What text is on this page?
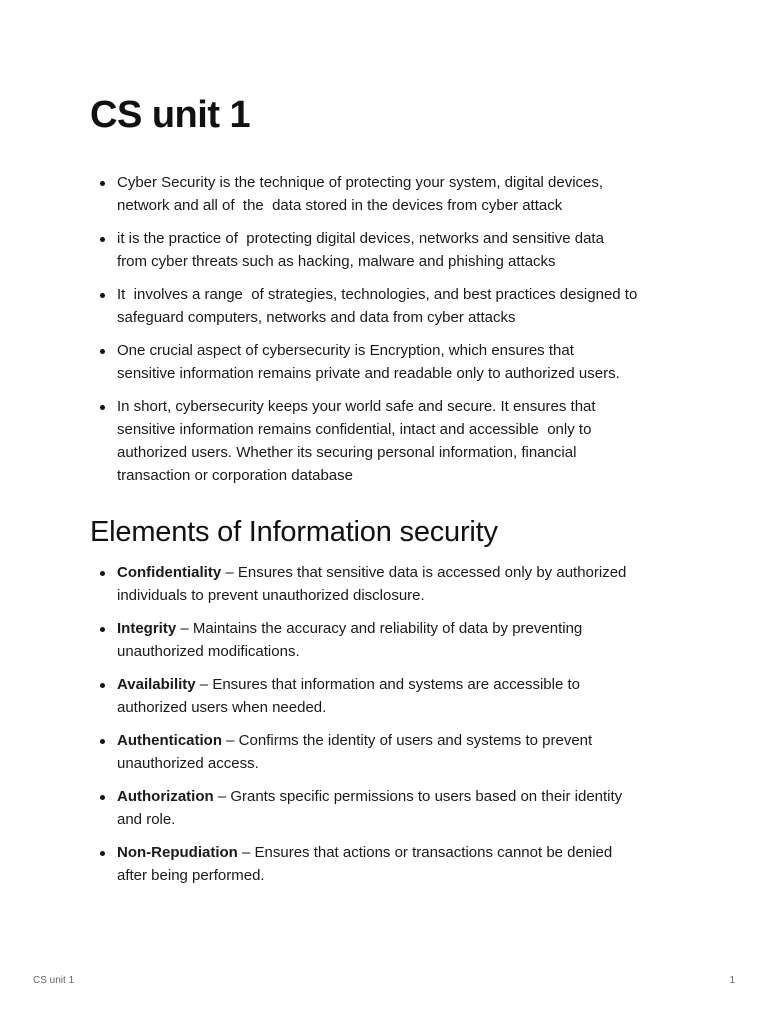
CS unit 1
Cyber Security is the technique of protecting your system, digital devices,
network and all of  the  data stored in the devices from cyber attack
it is the practice of  protecting digital devices, networks and sensitive data
from cyber threats such as hacking, malware and phishing attacks
It  involves a range  of strategies, technologies, and best practices designed to
safeguard computers, networks and data from cyber attacks
One crucial aspect of cybersecurity is Encryption, which ensures that
sensitive information remains private and readable only to authorized users.
In short, cybersecurity keeps your world safe and secure. It ensures that
sensitive information remains confidential, intact and accessible  only to
authorized users. Whether its securing personal information, financial
transaction or corporation database
Elements of Information security
Confidentiality – Ensures that sensitive data is accessed only by authorized
individuals to prevent unauthorized disclosure.
Integrity – Maintains the accuracy and reliability of data by preventing
unauthorized modifications.
Availability – Ensures that information and systems are accessible to
authorized users when needed.
Authentication – Confirms the identity of users and systems to prevent
unauthorized access.
Authorization – Grants specific permissions to users based on their identity
and role.
Non-Repudiation – Ensures that actions or transactions cannot be denied
after being performed.
CS unit 1	1
